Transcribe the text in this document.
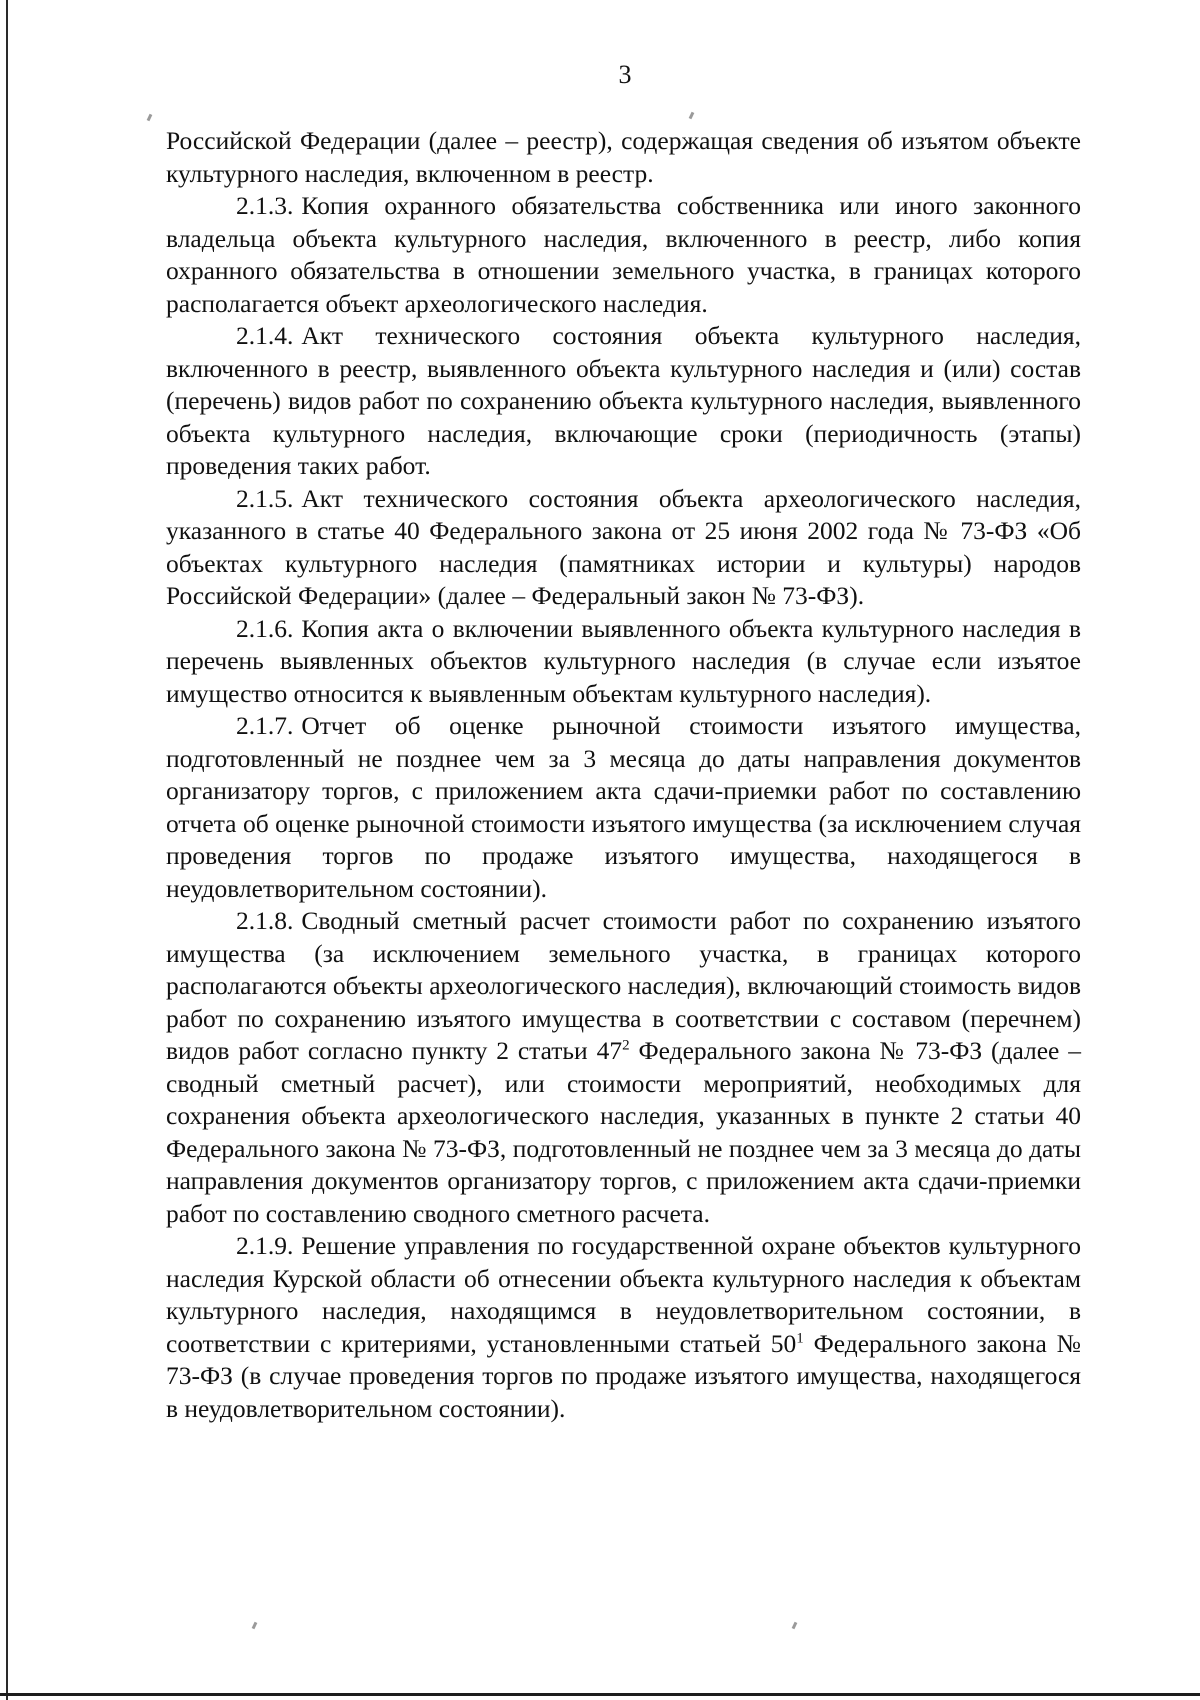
3

Российской Федерации (далее – реестр), содержащая сведения об изъятом объекте культурного наследия, включенном в реестр.

2.1.3. Копия охранного обязательства собственника или иного законного владельца объекта культурного наследия, включенного в реестр, либо копия охранного обязательства в отношении земельного участка, в границах которого располагается объект археологического наследия.

2.1.4. Акт технического состояния объекта культурного наследия, включенного в реестр, выявленного объекта культурного наследия и (или) состав (перечень) видов работ по сохранению объекта культурного наследия, выявленного объекта культурного наследия, включающие сроки (периодичность (этапы) проведения таких работ.

2.1.5. Акт технического состояния объекта археологического наследия, указанного в статье 40 Федерального закона от 25 июня 2002 года № 73-ФЗ «Об объектах культурного наследия (памятниках истории и культуры) народов Российской Федерации» (далее – Федеральный закон № 73-ФЗ).

2.1.6. Копия акта о включении выявленного объекта культурного наследия в перечень выявленных объектов культурного наследия (в случае если изъятое имущество относится к выявленным объектам культурного наследия).

2.1.7. Отчет об оценке рыночной стоимости изъятого имущества, подготовленный не позднее чем за 3 месяца до даты направления документов организатору торгов, с приложением акта сдачи-приемки работ по составлению отчета об оценке рыночной стоимости изъятого имущества (за исключением случая проведения торгов по продаже изъятого имущества, находящегося в неудовлетворительном состоянии).

2.1.8. Сводный сметный расчет стоимости работ по сохранению изъятого имущества (за исключением земельного участка, в границах которого располагаются объекты археологического наследия), включающий стоимость видов работ по сохранению изъятого имущества в соответствии с составом (перечнем) видов работ согласно пункту 2 статьи $47^2$ Федерального закона № 73-ФЗ (далее – сводный сметный расчет), или стоимости мероприятий, необходимых для сохранения объекта археологического наследия, указанных в пункте 2 статьи 40 Федерального закона № 73-ФЗ, подготовленный не позднее чем за 3 месяца до даты направления документов организатору торгов, с приложением акта сдачи-приемки работ по составлению сводного сметного расчета.

2.1.9. Решение управления по государственной охране объектов культурного наследия Курской области об отнесении объекта культурного наследия к объектам культурного наследия, находящимся в неудовлетворительном состоянии, в соответствии с критериями, установленными статьей $50^1$ Федерального закона № 73-ФЗ (в случае проведения торгов по продаже изъятого имущества, находящегося в неудовлетворительном состоянии).
